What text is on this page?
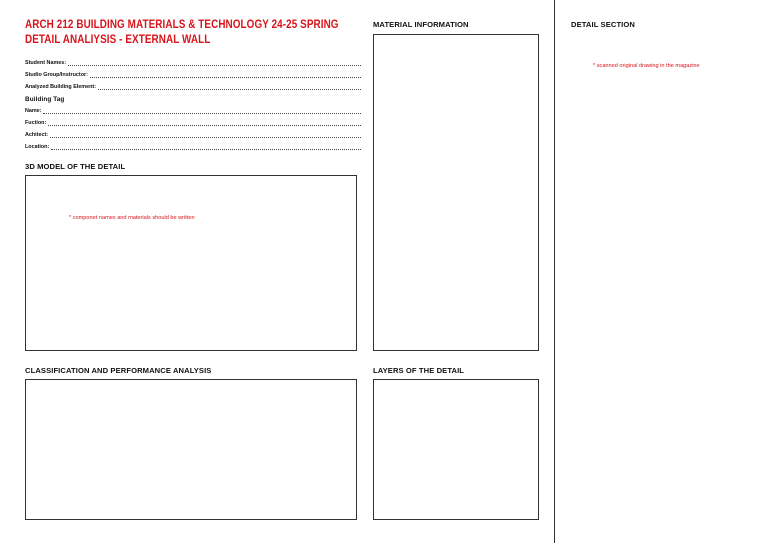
ARCH 212 BUILDING MATERIALS & TECHNOLOGY 24-25 SPRING
DETAIL ANALIYSIS - EXTERNAL WALL
Student Names:
Studio Group/Instructor:
Analyzed Building Element:
Building Tag
Name:
Fuction:
Achitect:
Location:
3D MODEL OF THE DETAIL
* componet names and materials should be written
MATERIAL INFORMATION
CLASSIFICATION AND PERFORMANCE ANALYSIS	LAYERS OF THE DETAIL
DETAIL SECTION
* scanned original drawing in the magazine
